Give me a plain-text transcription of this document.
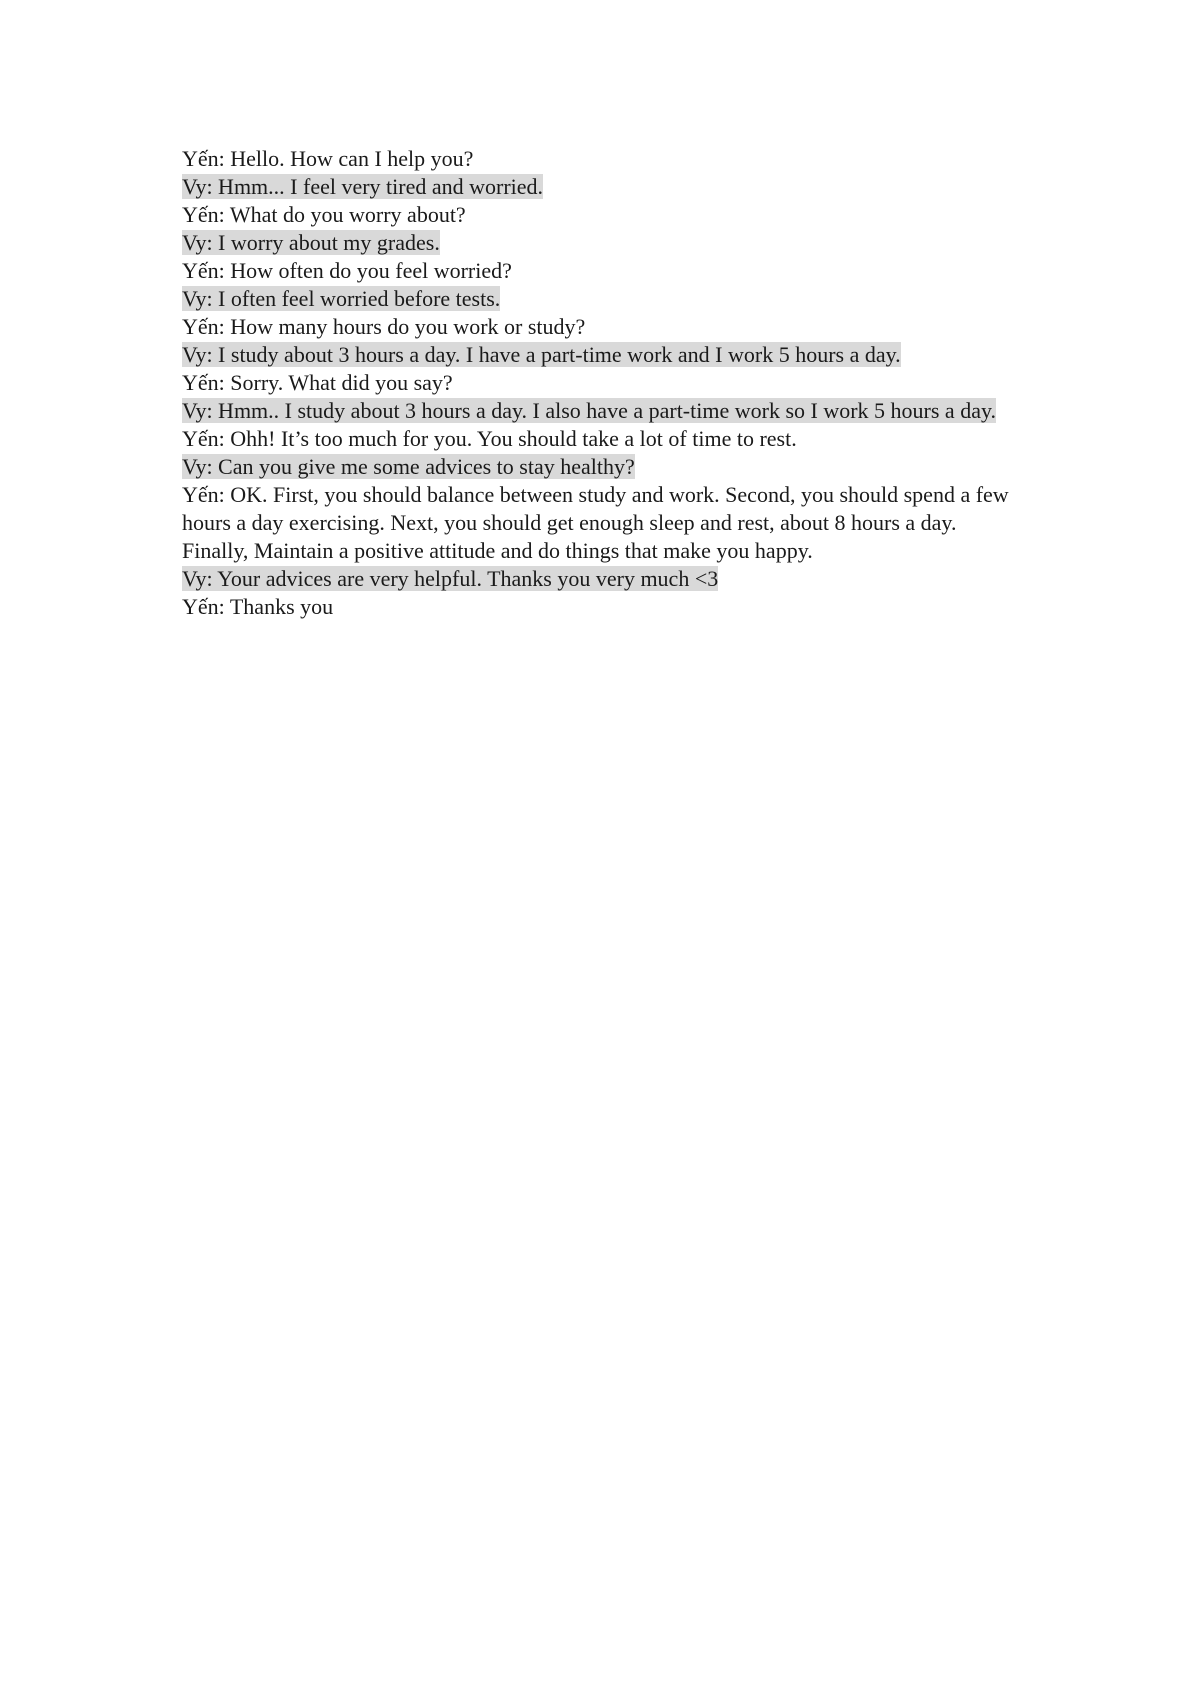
Yến: Hello. How can I help you?

Vy: Hmm... I feel very tired and worried.

Yến: What do you worry about?

Vy: I worry about my grades.

Yến: How often do you feel worried?

Vy: I often feel worried before tests.

Yến: How many hours do you work or study?

Vy: I study about 3 hours a day. I have a part-time work and I work 5 hours a day.

Yến: Sorry. What did you say?

Vy: Hmm.. I study about 3 hours a day. I also have a part-time work so I work 5 hours a day.

Yến: Ohh! It’s too much for you. You should take a lot of time to rest.

Vy: Can you give me some advices to stay healthy?

Yến: OK. First, you should balance between study and work. Second, you should spend a few hours a day exercising. Next, you should get enough sleep and rest, about 8 hours a day. Finally, Maintain a positive attitude and do things that make you happy.

Vy: Your advices are very helpful. Thanks you very much <3

Yến: Thanks you
